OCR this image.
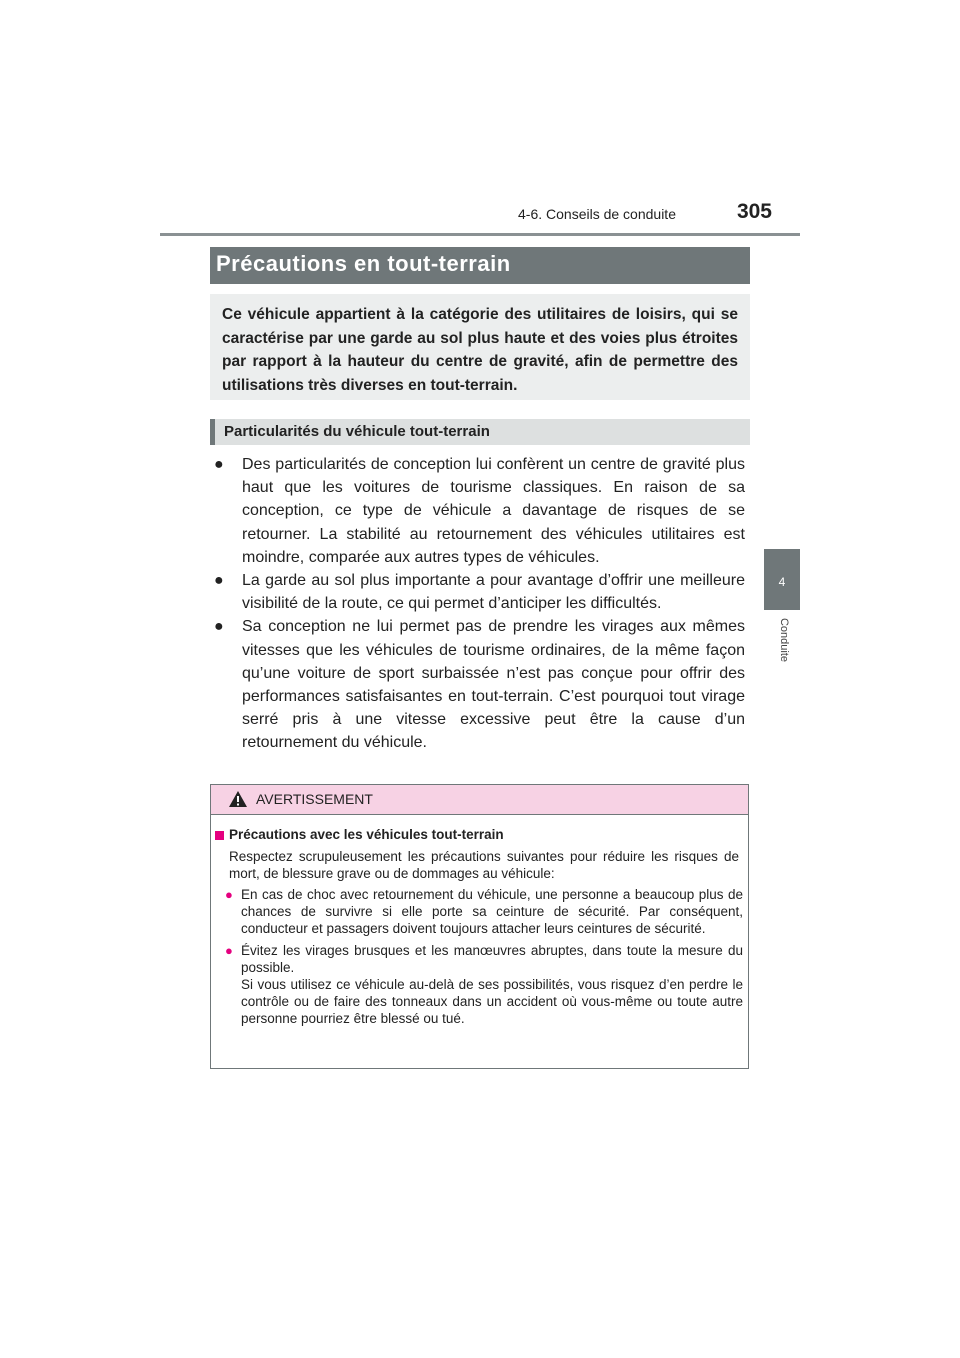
4-6. Conseils de conduite	305
4
Conduite
Précautions en tout-terrain
Ce véhicule appartient à la catégorie des utilitaires de loisirs, qui se caractérise par une garde au sol plus haute et des voies plus étroites par rapport à la hauteur du centre de gravité, afin de permettre des utilisations très diverses en tout-terrain.
Particularités du véhicule tout-terrain
●	Des particularités de conception lui confèrent un centre de gravité plus haut que les voitures de tourisme classiques. En raison de sa conception, ce type de véhicule a davantage de risques de se retourner. La stabilité au retournement des véhicules utilitaires est moindre, comparée aux autres types de véhicules.
●	La garde au sol plus importante a pour avantage d’offrir une meilleure visibilité de la route, ce qui permet d’anticiper les difficultés.
●	Sa conception ne lui permet pas de prendre les virages aux mêmes vitesses que les véhicules de tourisme ordinaires, de la même façon qu’une voiture de sport surbaissée n’est pas conçue pour offrir des performances satisfaisantes en tout-terrain. C’est pourquoi tout virage serré pris à une vitesse excessive peut être la cause d’un retournement du véhicule.
AVERTISSEMENT
Précautions avec les véhicules tout-terrain
Respectez scrupuleusement les précautions suivantes pour réduire les risques de mort, de blessure grave ou de dommages au véhicule:
● En cas de choc avec retournement du véhicule, une personne a beaucoup plus de chances de survivre si elle porte sa ceinture de sécurité. Par conséquent, conducteur et passagers doivent toujours attacher leurs ceintures de sécurité.
● Évitez les virages brusques et les manœuvres abruptes, dans toute la mesure du possible.
Si vous utilisez ce véhicule au-delà de ses possibilités, vous risquez d’en perdre le contrôle ou de faire des tonneaux dans un accident où vous-même ou toute autre personne pourriez être blessé ou tué.
